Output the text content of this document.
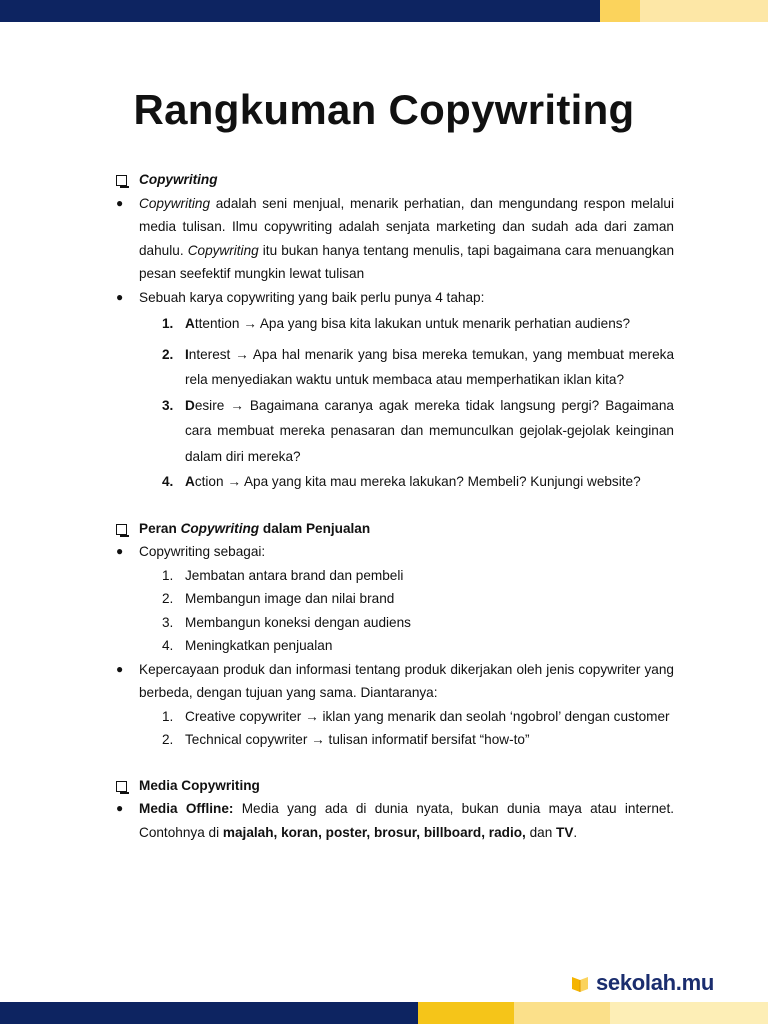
Rangkuman Copywriting
Copywriting
●	Copywriting adalah seni menjual, menarik perhatian, dan mengundang respon melalui media tulisan. Ilmu copywriting adalah senjata marketing dan sudah ada dari zaman dahulu. Copywriting itu bukan hanya tentang menulis, tapi bagaimana cara menuangkan pesan seefektif mungkin lewat tulisan
●	Sebuah karya copywriting yang baik perlu punya 4 tahap:
1. Attention → Apa yang bisa kita lakukan untuk menarik perhatian audiens?
2. Interest → Apa hal menarik yang bisa mereka temukan, yang membuat mereka rela menyediakan waktu untuk membaca atau memperhatikan iklan kita?
3. Desire → Bagaimana caranya agak mereka tidak langsung pergi? Bagaimana cara membuat mereka penasaran dan memunculkan gejolak-gejolak keinginan dalam diri mereka?
4. Action → Apa yang kita mau mereka lakukan? Membeli? Kunjungi website?
Peran Copywriting dalam Penjualan
●	Copywriting sebagai:
1. Jembatan antara brand dan pembeli
2. Membangun image dan nilai brand
3. Membangun koneksi dengan audiens
4. Meningkatkan penjualan
●	Kepercayaan produk dan informasi tentang produk dikerjakan oleh jenis copywriter yang berbeda, dengan tujuan yang sama. Diantaranya:
1. Creative copywriter → iklan yang menarik dan seolah ‘ngobrol’ dengan customer
2. Technical copywriter → tulisan informatif bersifat “how-to”
Media Copywriting
●	Media Offline: Media yang ada di dunia nyata, bukan dunia maya atau internet. Contohnya di majalah, koran, poster, brosur, billboard, radio, dan TV.
sekolah.mu
